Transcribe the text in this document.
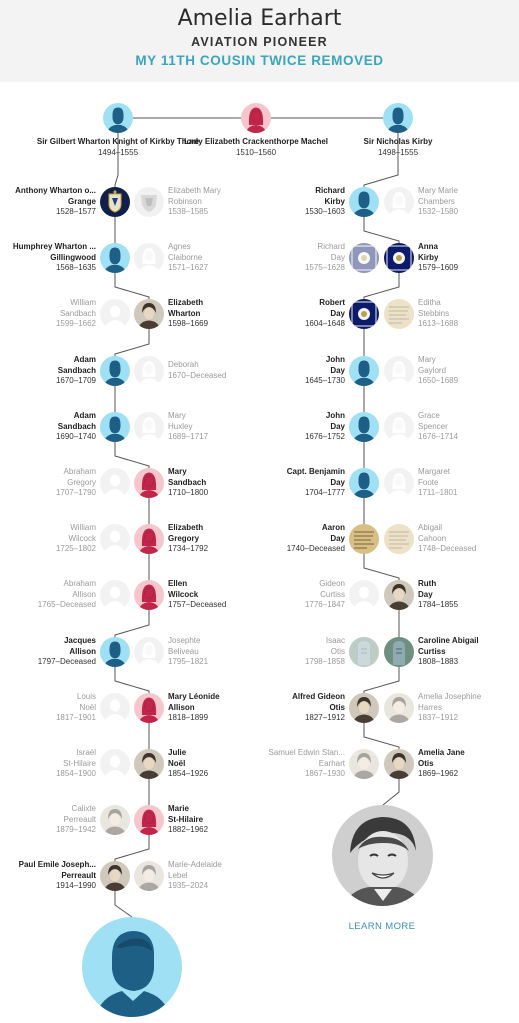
Amelia Earhart
AVIATION PIONEER
MY 11TH COUSIN TWICE REMOVED
Sir Gilbert Wharton Knight of Kirkby Thore
1494–1555
Lady Elizabeth Crackenthorpe Machel
1510–1560
Sir Nicholas Kirby
1498–1555
Anthony Wharton o...
Grange
1528–1577
Elizabeth Mary
Robinson
1538–1585
Humphrey Wharton ...
Gillingwood
1568–1635
Agnes
Claiborne
1571–1627
Elizabeth
Wharton
1598–1669
William
Sandbach
1599–1662
Adam
Sandbach
1670–1709
Deborah
1670–Deceased
Adam
Sandbach
1690–1740
Mary
Huxley
1689–1717
Mary
Sandbach
1710–1800
Abraham
Gregory
1707–1790
Elizabeth
Gregory
1734–1792
William
Wilcock
1725–1802
Ellen
Wilcock
1757–Deceased
Abraham
Allison
1765–Deceased
Jacques
Allison
1797–Deceased
Josephte
Beliveau
1795–1821
Mary Léonide
Allison
1818–1899
Louis
Noël
1817–1901
Julie
Noël
1854–1926
Israël
St-Hilaire
1854–1900
Marie
St-Hilaire
1882–1962
Calixte
Perreault
1879–1942
Paul Emile Joseph...
Perreault
1914–1990
Marie-Adelaide
Lebel
1935–2024
Richard
Kirby
1530–1603
Mary Marie
Chambers
1532–1580
Anna
Kirby
1579–1609
Richard
Day
1575–1628
Robert
Day
1604–1648
Editha
Stebbins
1613–1688
John
Day
1645–1730
Mary
Gaylord
1650–1689
John
Day
1676–1752
Grace
Spencer
1676–1714
Capt. Benjamin
Day
1704–1777
Margaret
Foote
1711–1801
Aaron
Day
1740–Deceased
Abigail
Cahoon
1748–Deceased
Ruth
Day
1784–1855
Gideon
Curtiss
1776–1847
Caroline Abigail
Curtiss
1808–1883
Isaac
Otis
1798–1858
Alfred Gideon
Otis
1827–1912
Amelia Josephine
Harres
1837–1912
Amelia Jane
Otis
1869–1962
Samuel Edwin Stan...
Earhart
1867–1930
LEARN MORE
